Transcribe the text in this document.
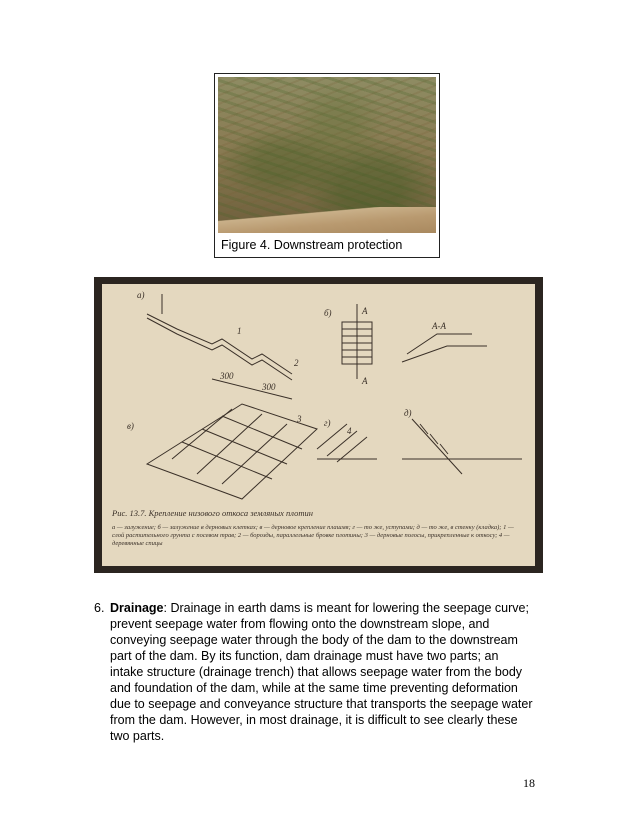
Figure 4. Downstream protection
а)
б)
в)	г)
д)
А
А
А-А
1
2
3
4
300
300
Рис. 13.7. Крепление низового откоса земляных плотин
а — залужение; б — залужение в дерновых клетках; в — дерновое крепление плашмя; г — то же, уступами; д — то же, в стенку (кладка); 1 — слой растительного грунта с посевом трав; 2 — борозды, параллельные бровке плотины; 3 — дерновые полосы, прикрепленные к откосу; 4 — деревянные спицы
6. Drainage: Drainage in earth dams is meant for lowering the seepage curve; prevent seepage water from flowing onto the downstream slope, and conveying seepage water through the body of the dam to the downstream part of the dam. By its function, dam drainage must have two parts; an intake structure (drainage trench) that allows seepage water from the body and foundation of the dam, while at the same time preventing deformation due to seepage and conveyance structure that transports the seepage water from the dam. However, in most drainage, it is difficult to see clearly these two parts.
18
